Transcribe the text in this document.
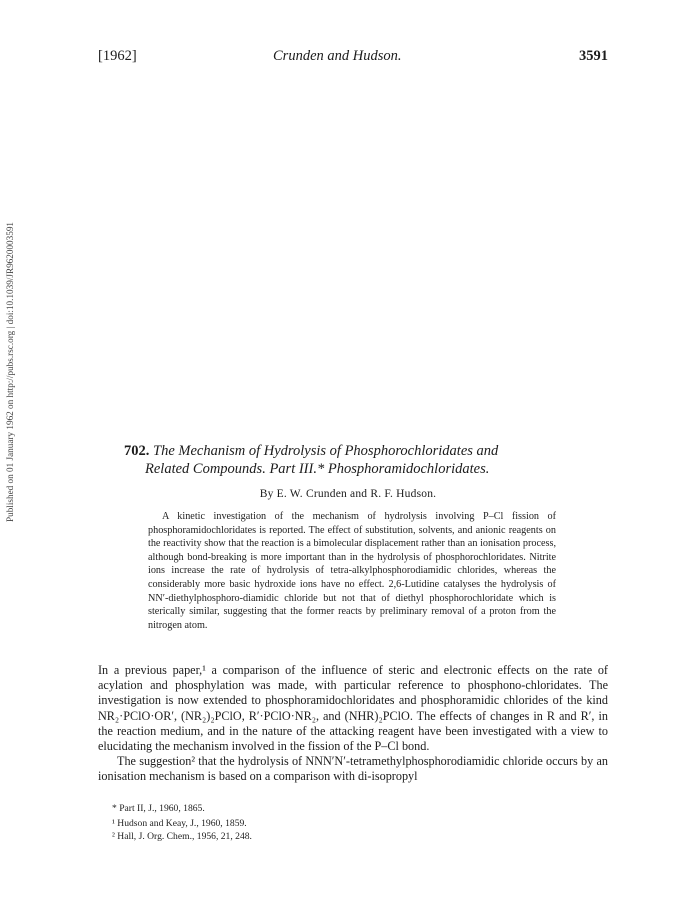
Published on 01 January 1962 on http://pubs.rsc.org | doi:10.1039/JR9620003591
[1962]	Crunden and Hudson.	3591
702. The Mechanism of Hydrolysis of Phosphorochloridates and
Related Compounds. Part III.* Phosphoramidochloridates.
By E. W. Crunden and R. F. Hudson.

A kinetic investigation of the mechanism of hydrolysis involving P–Cl fission of phosphoramidochloridates is reported. The effect of substitution, solvents, and anionic reagents on the reactivity show that the reaction is a bimolecular displacement rather than an ionisation process, although bond-breaking is more important than in the hydrolysis of phosphorochloridates. Nitrite ions increase the rate of hydrolysis of tetra-alkylphosphorodiamidic chlorides, whereas the considerably more basic hydroxide ions have no effect. 2,6-Lutidine catalyses the hydrolysis of NN′-diethylphosphoro-diamidic chloride but not that of diethyl phosphorochloridate which is sterically similar, suggesting that the former reacts by preliminary removal of a proton from the nitrogen atom.

In a previous paper,¹ a comparison of the influence of steric and electronic effects on the rate of acylation and phosphylation was made, with particular reference to phosphono-chloridates. The investigation is now extended to phosphoramidochloridates and phosphoramidic chlorides of the kind NR₂·PClO·OR′, (NR₂)₂PClO, R′·PClO·NR₂, and (NHR)₂PClO. The effects of changes in R and R′, in the reaction medium, and in the nature of the attacking reagent have been investigated with a view to elucidating the mechanism involved in the fission of the P–Cl bond.

The suggestion² that the hydrolysis of NNN′N′-tetramethylphosphorodiamidic chloride occurs by an ionisation mechanism is based on a comparison with di-isopropyl

* Part II, J., 1960, 1865.
¹ Hudson and Keay, J., 1960, 1859.
² Hall, J. Org. Chem., 1956, 21, 248.
